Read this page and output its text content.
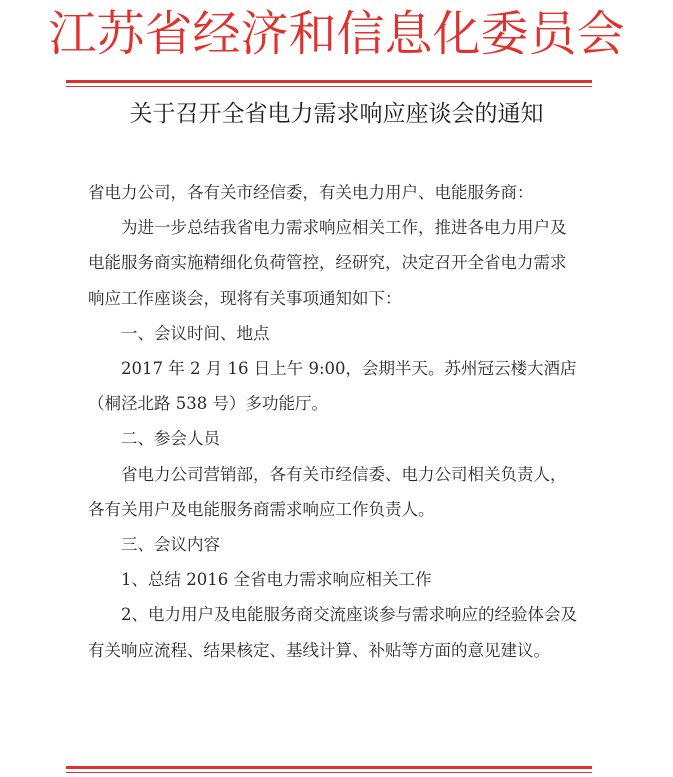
江苏省经济和信息化委员会
关于召开全省电力需求响应座谈会的通知

省电力公司，各有关市经信委，有关电力用户、电能服务商：

为进一步总结我省电力需求响应相关工作，推进各电力用户及电能服务商实施精细化负荷管控，经研究，决定召开全省电力需求响应工作座谈会，现将有关事项通知如下：

一、会议时间、地点

2017 年 2 月 16 日上午 9:00，会期半天。苏州冠云楼大酒店（桐泾北路 538 号）多功能厅。

二、参会人员

省电力公司营销部，各有关市经信委、电力公司相关负责人，各有关用户及电能服务商需求响应工作负责人。

三、会议内容

1、总结 2016 全省电力需求响应相关工作

2、电力用户及电能服务商交流座谈参与需求响应的经验体会及有关响应流程、结果核定、基线计算、补贴等方面的意见建议。
